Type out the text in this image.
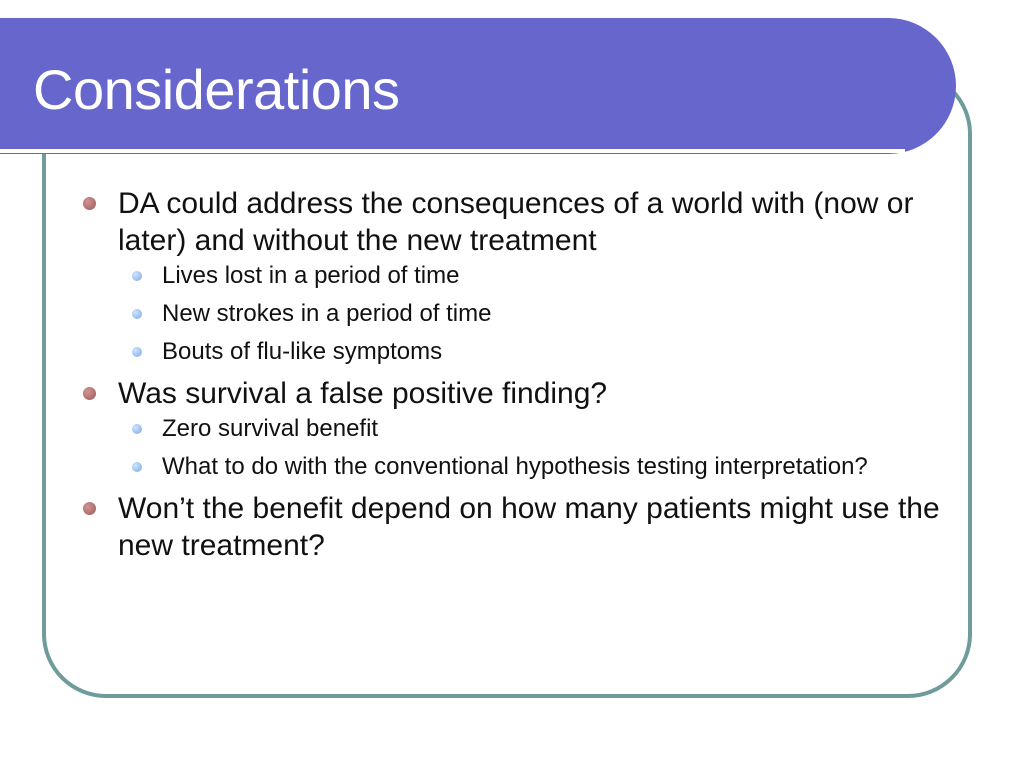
Considerations
DA could address the consequences of a world with (now or later) and without the new treatment
Lives lost in a period of time
New strokes in a period of time
Bouts of flu-like symptoms
Was survival a false positive finding?
Zero survival benefit
What to do with the conventional hypothesis testing interpretation?
Won’t the benefit depend on how many patients might use the new treatment?
